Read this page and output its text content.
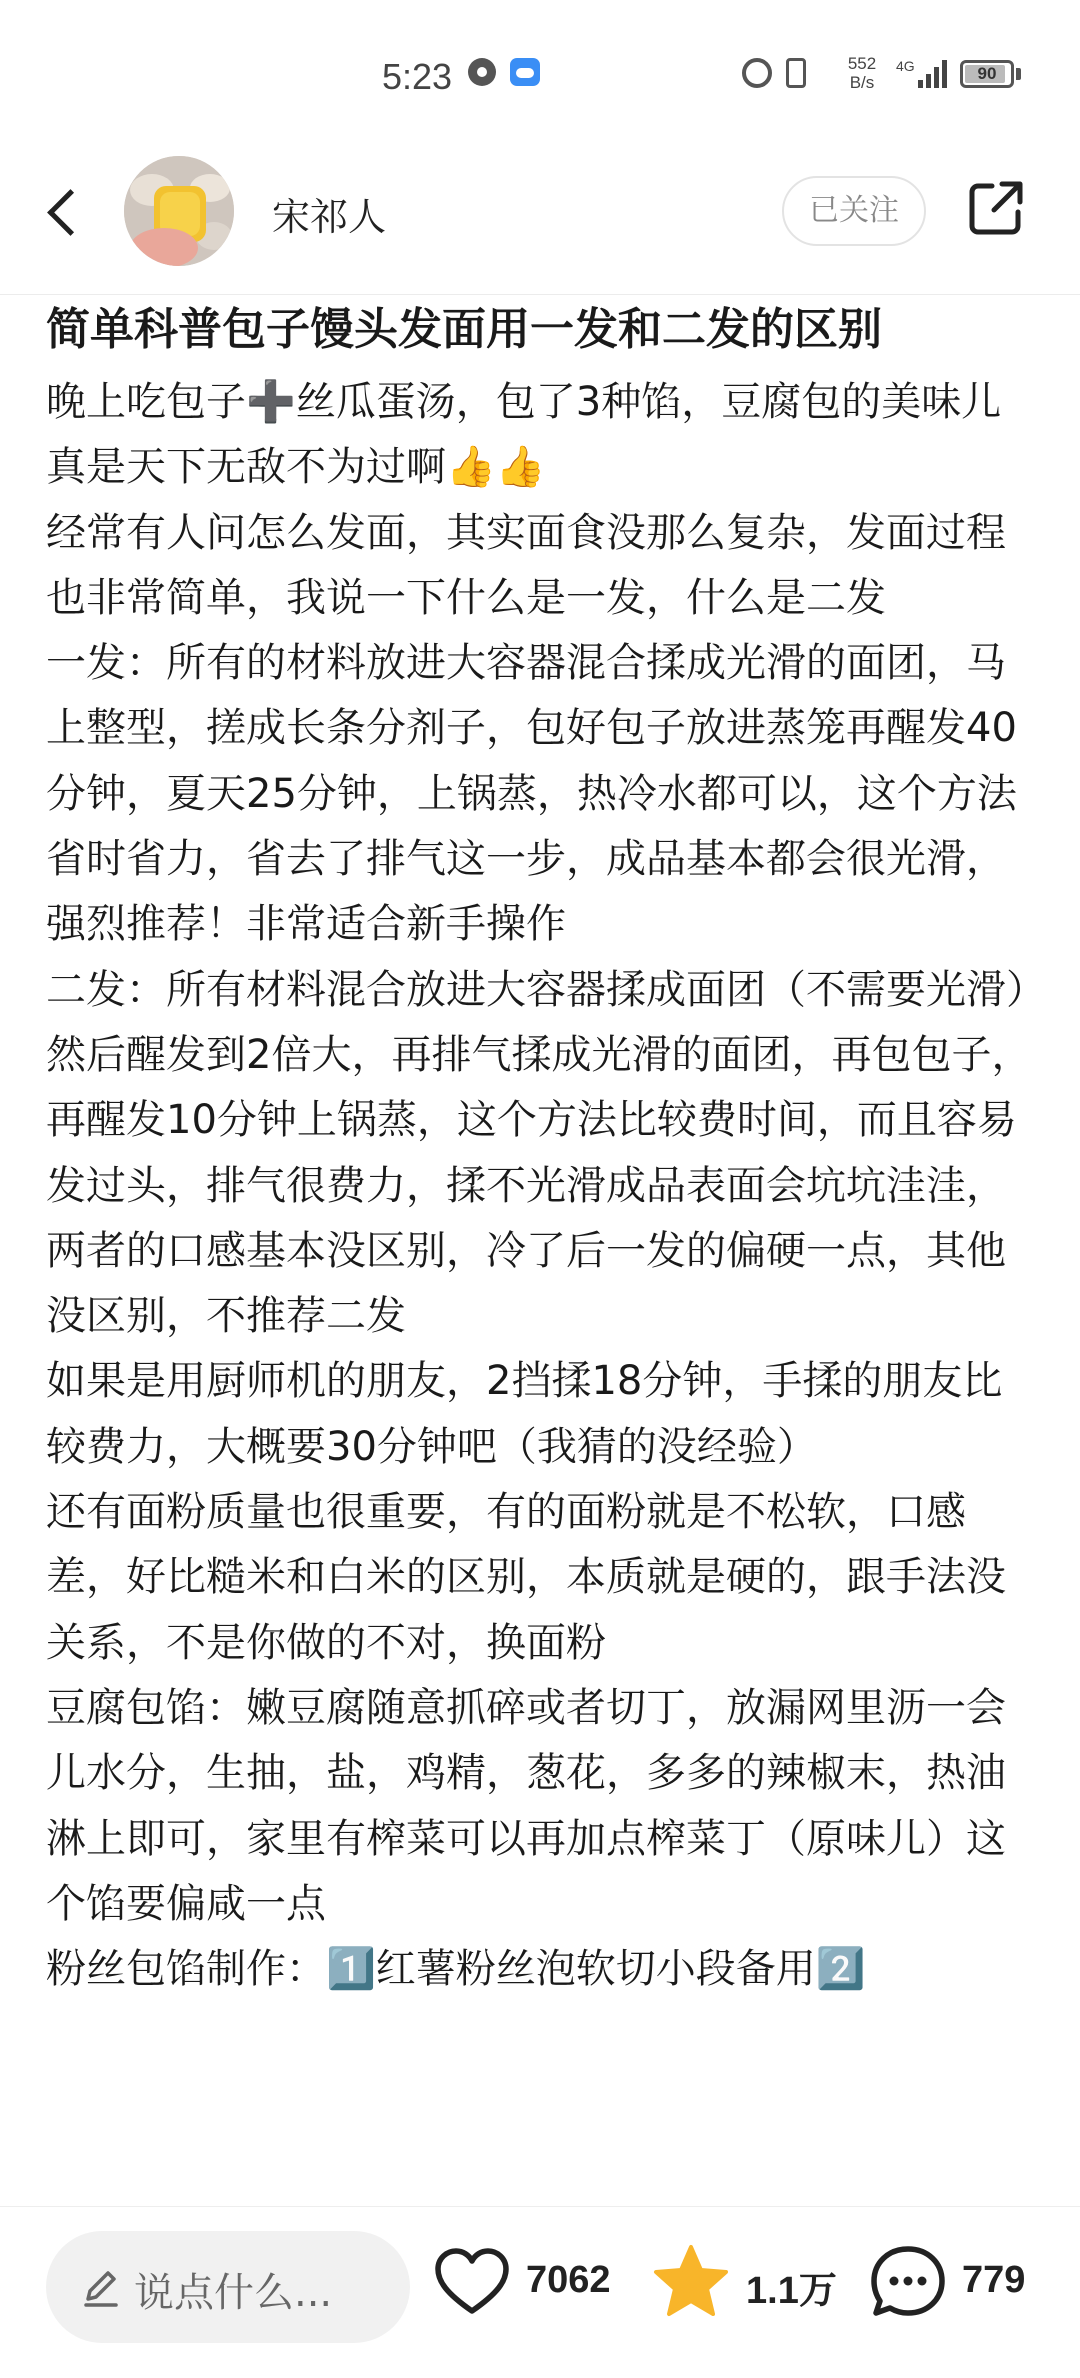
5:23	552
B/s
4G	90
宋祁人	已关注
简单科普包子馒头发面用一发和二发的区别

晚上吃包子➕丝瓜蛋汤，包了3种馅，豆腐包的美味儿真是天下无敌不为过啊👍👍

经常有人问怎么发面，其实面食没那么复杂，发面过程也非常简单，我说一下什么是一发，什么是二发

一发：所有的材料放进大容器混合揉成光滑的面团，马上整型，搓成长条分剂子，包好包子放进蒸笼再醒发40分钟，夏天25分钟，上锅蒸，热冷水都可以，这个方法省时省力，省去了排气这一步，成品基本都会很光滑，强烈推荐！非常适合新手操作

二发：所有材料混合放进大容器揉成面团（不需要光滑）然后醒发到2倍大，再排气揉成光滑的面团，再包包子，再醒发10分钟上锅蒸，这个方法比较费时间，而且容易发过头，排气很费力，揉不光滑成品表面会坑坑洼洼，两者的口感基本没区别，冷了后一发的偏硬一点，其他没区别，不推荐二发

如果是用厨师机的朋友，2挡揉18分钟，手揉的朋友比较费力，大概要30分钟吧（我猜的没经验）

还有面粉质量也很重要，有的面粉就是不松软，口感差，好比糙米和白米的区别，本质就是硬的，跟手法没关系，不是你做的不对，换面粉

豆腐包馅：嫩豆腐随意抓碎或者切丁，放漏网里沥一会儿水分，生抽，盐，鸡精，葱花，多多的辣椒末，热油淋上即可，家里有榨菜可以再加点榨菜丁（原味儿）这个馅要偏咸一点

粉丝包馅制作：1️⃣红薯粉丝泡软切小段备用2️⃣

说点什么...	7062	1.1万	779
